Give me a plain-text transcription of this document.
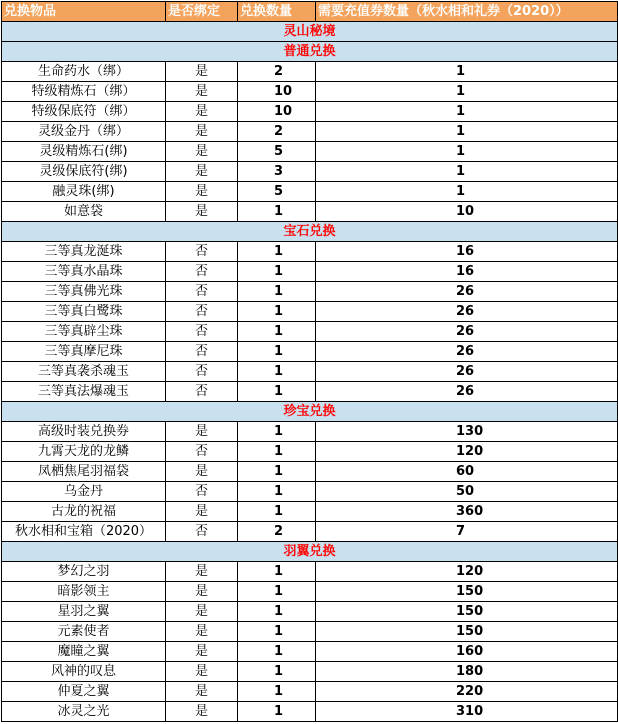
兑换物品	是否绑定	兑换数量	需要充值券数量（秋水相和礼券（2020））
灵山秘境			
普通兑换			
生命药水（绑）	是	2	1
特级精炼石（绑）	是	10	1
特级保底符（绑）	是	10	1
灵级金丹（绑）	是	2	1
灵级精炼石(绑)	是	5	1
灵级保底符(绑)	是	3	1
融灵珠(绑)	是	5	1
如意袋	是	1	10
宝石兑换			
三等真龙涎珠	否	1	16
三等真水晶珠	否	1	16
三等真佛光珠	否	1	26
三等真白鹭珠	否	1	26
三等真辟尘珠	否	1	26
三等真摩尼珠	否	1	26
三等真袭杀魂玉	否	1	26
三等真法爆魂玉	否	1	26
珍宝兑换			
高级时装兑换券	是	1	130
九霄天龙的龙鳞	否	1	120
凤栖焦尾羽福袋	是	1	60
乌金丹	否	1	50
古龙的祝福	是	1	360
秋水相和宝箱（2020）	否	2	7
羽翼兑换			
梦幻之羽	是	1	120
暗影领主	是	1	150
星羽之翼	是	1	150
元素使者	是	1	150
魔瞳之翼	是	1	160
风神的叹息	是	1	180
仲夏之翼	是	1	220
冰灵之光	是	1	310
